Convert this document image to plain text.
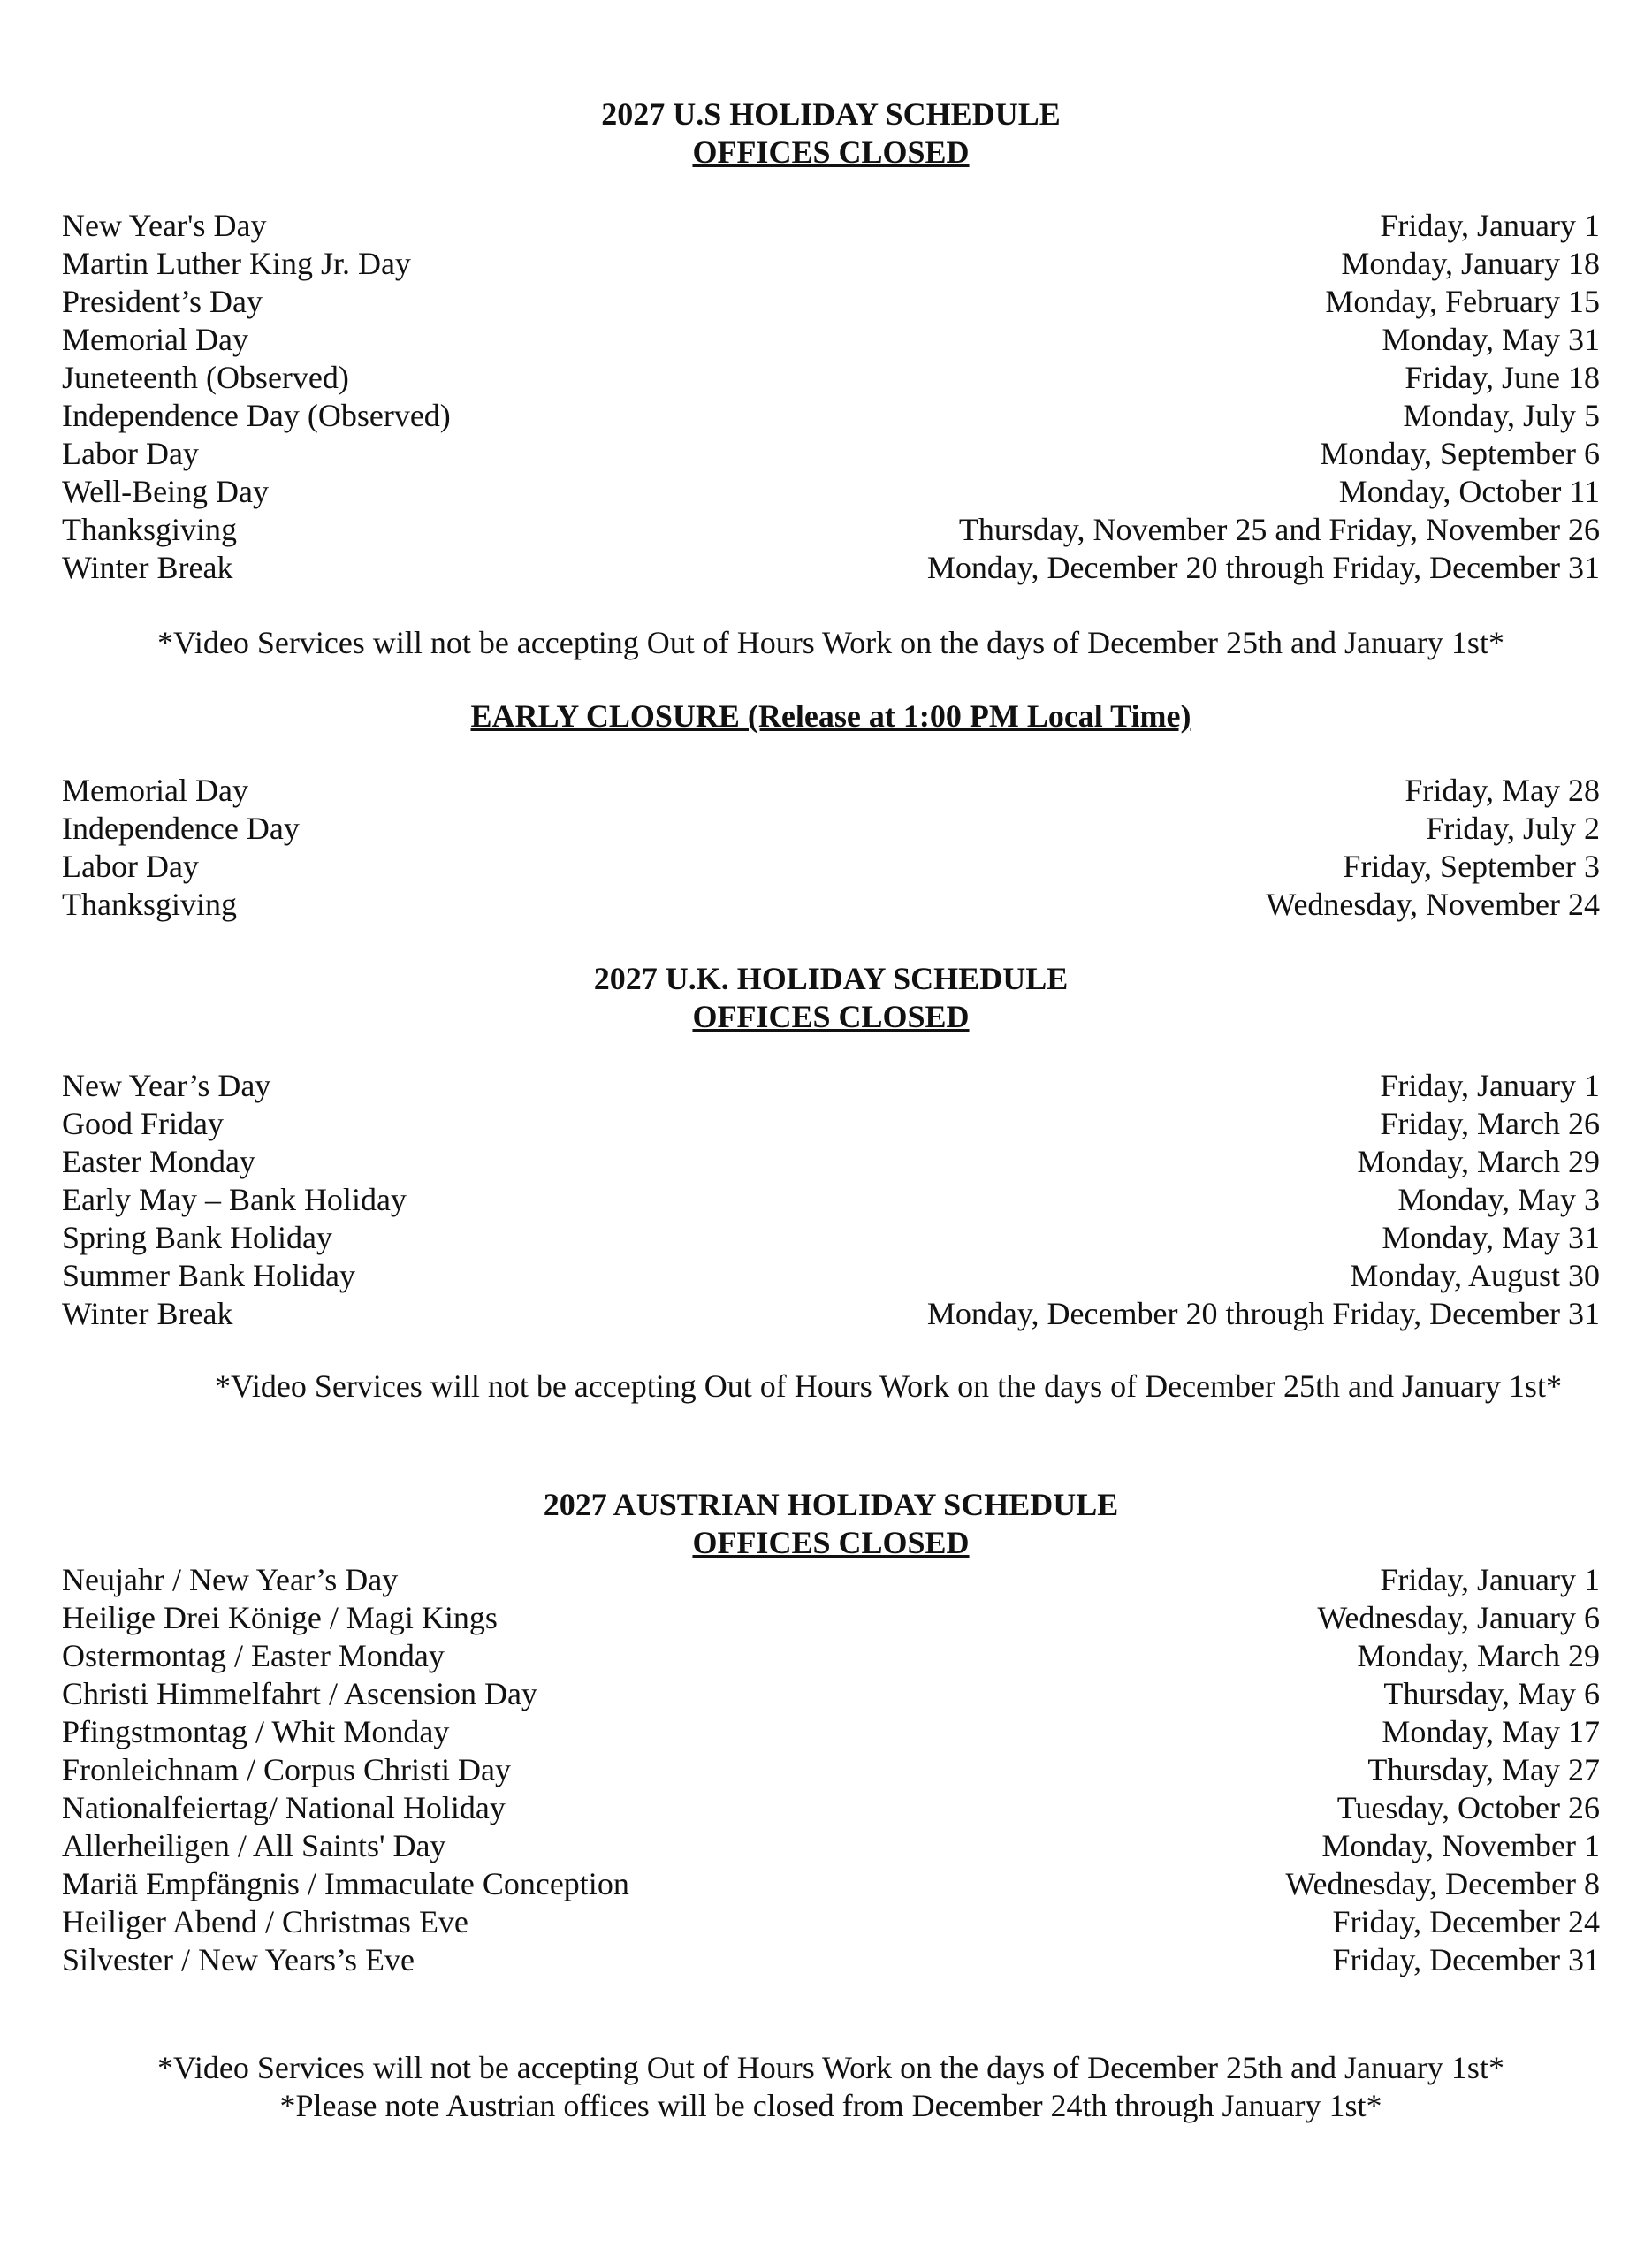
2027 U.S HOLIDAY SCHEDULE

OFFICES CLOSED

New Year's Day	Friday, January 1
Martin Luther King Jr. Day	Monday, January 18
President’s Day	Monday, February 15
Memorial Day	Monday, May 31
Juneteenth (Observed)	Friday, June 18
Independence Day (Observed)	Monday, July 5
Labor Day	Monday, September 6
Well-Being Day	Monday, October 11
Thanksgiving	Thursday, November 25 and Friday, November 26
Winter Break	Monday, December 20 through Friday, December 31

*Video Services will not be accepting Out of Hours Work on the days of December 25th and January 1st*

EARLY CLOSURE (Release at 1:00 PM Local Time)

Memorial Day	Friday, May 28
Independence Day	Friday, July 2
Labor Day	Friday, September 3
Thanksgiving	Wednesday, November 24

2027 U.K. HOLIDAY SCHEDULE

OFFICES CLOSED

New Year’s Day	Friday, January 1
Good Friday	Friday, March 26
Easter Monday	Monday, March 29
Early May – Bank Holiday	Monday, May 3
Spring Bank Holiday	Monday, May 31
Summer Bank Holiday	Monday, August 30
Winter Break	Monday, December 20 through Friday, December 31

*Video Services will not be accepting Out of Hours Work on the days of December 25th and January 1st*

2027 AUSTRIAN HOLIDAY SCHEDULE

OFFICES CLOSED

Neujahr / New Year’s Day	Friday, January 1
Heilige Drei Könige / Magi Kings	Wednesday, January 6
Ostermontag / Easter Monday	Monday, March 29
Christi Himmelfahrt / Ascension Day	Thursday, May 6
Pfingstmontag / Whit Monday	Monday, May 17
Fronleichnam / Corpus Christi Day	Thursday, May 27
Nationalfeiertag/ National Holiday	Tuesday, October 26
Allerheiligen / All Saints' Day	Monday, November 1
Mariä Empfängnis / Immaculate Conception	Wednesday, December 8
Heiliger Abend / Christmas Eve	Friday, December 24
Silvester / New Years’s Eve	Friday, December 31

*Video Services will not be accepting Out of Hours Work on the days of December 25th and January 1st*

*Please note Austrian offices will be closed from December 24th through January 1st*
